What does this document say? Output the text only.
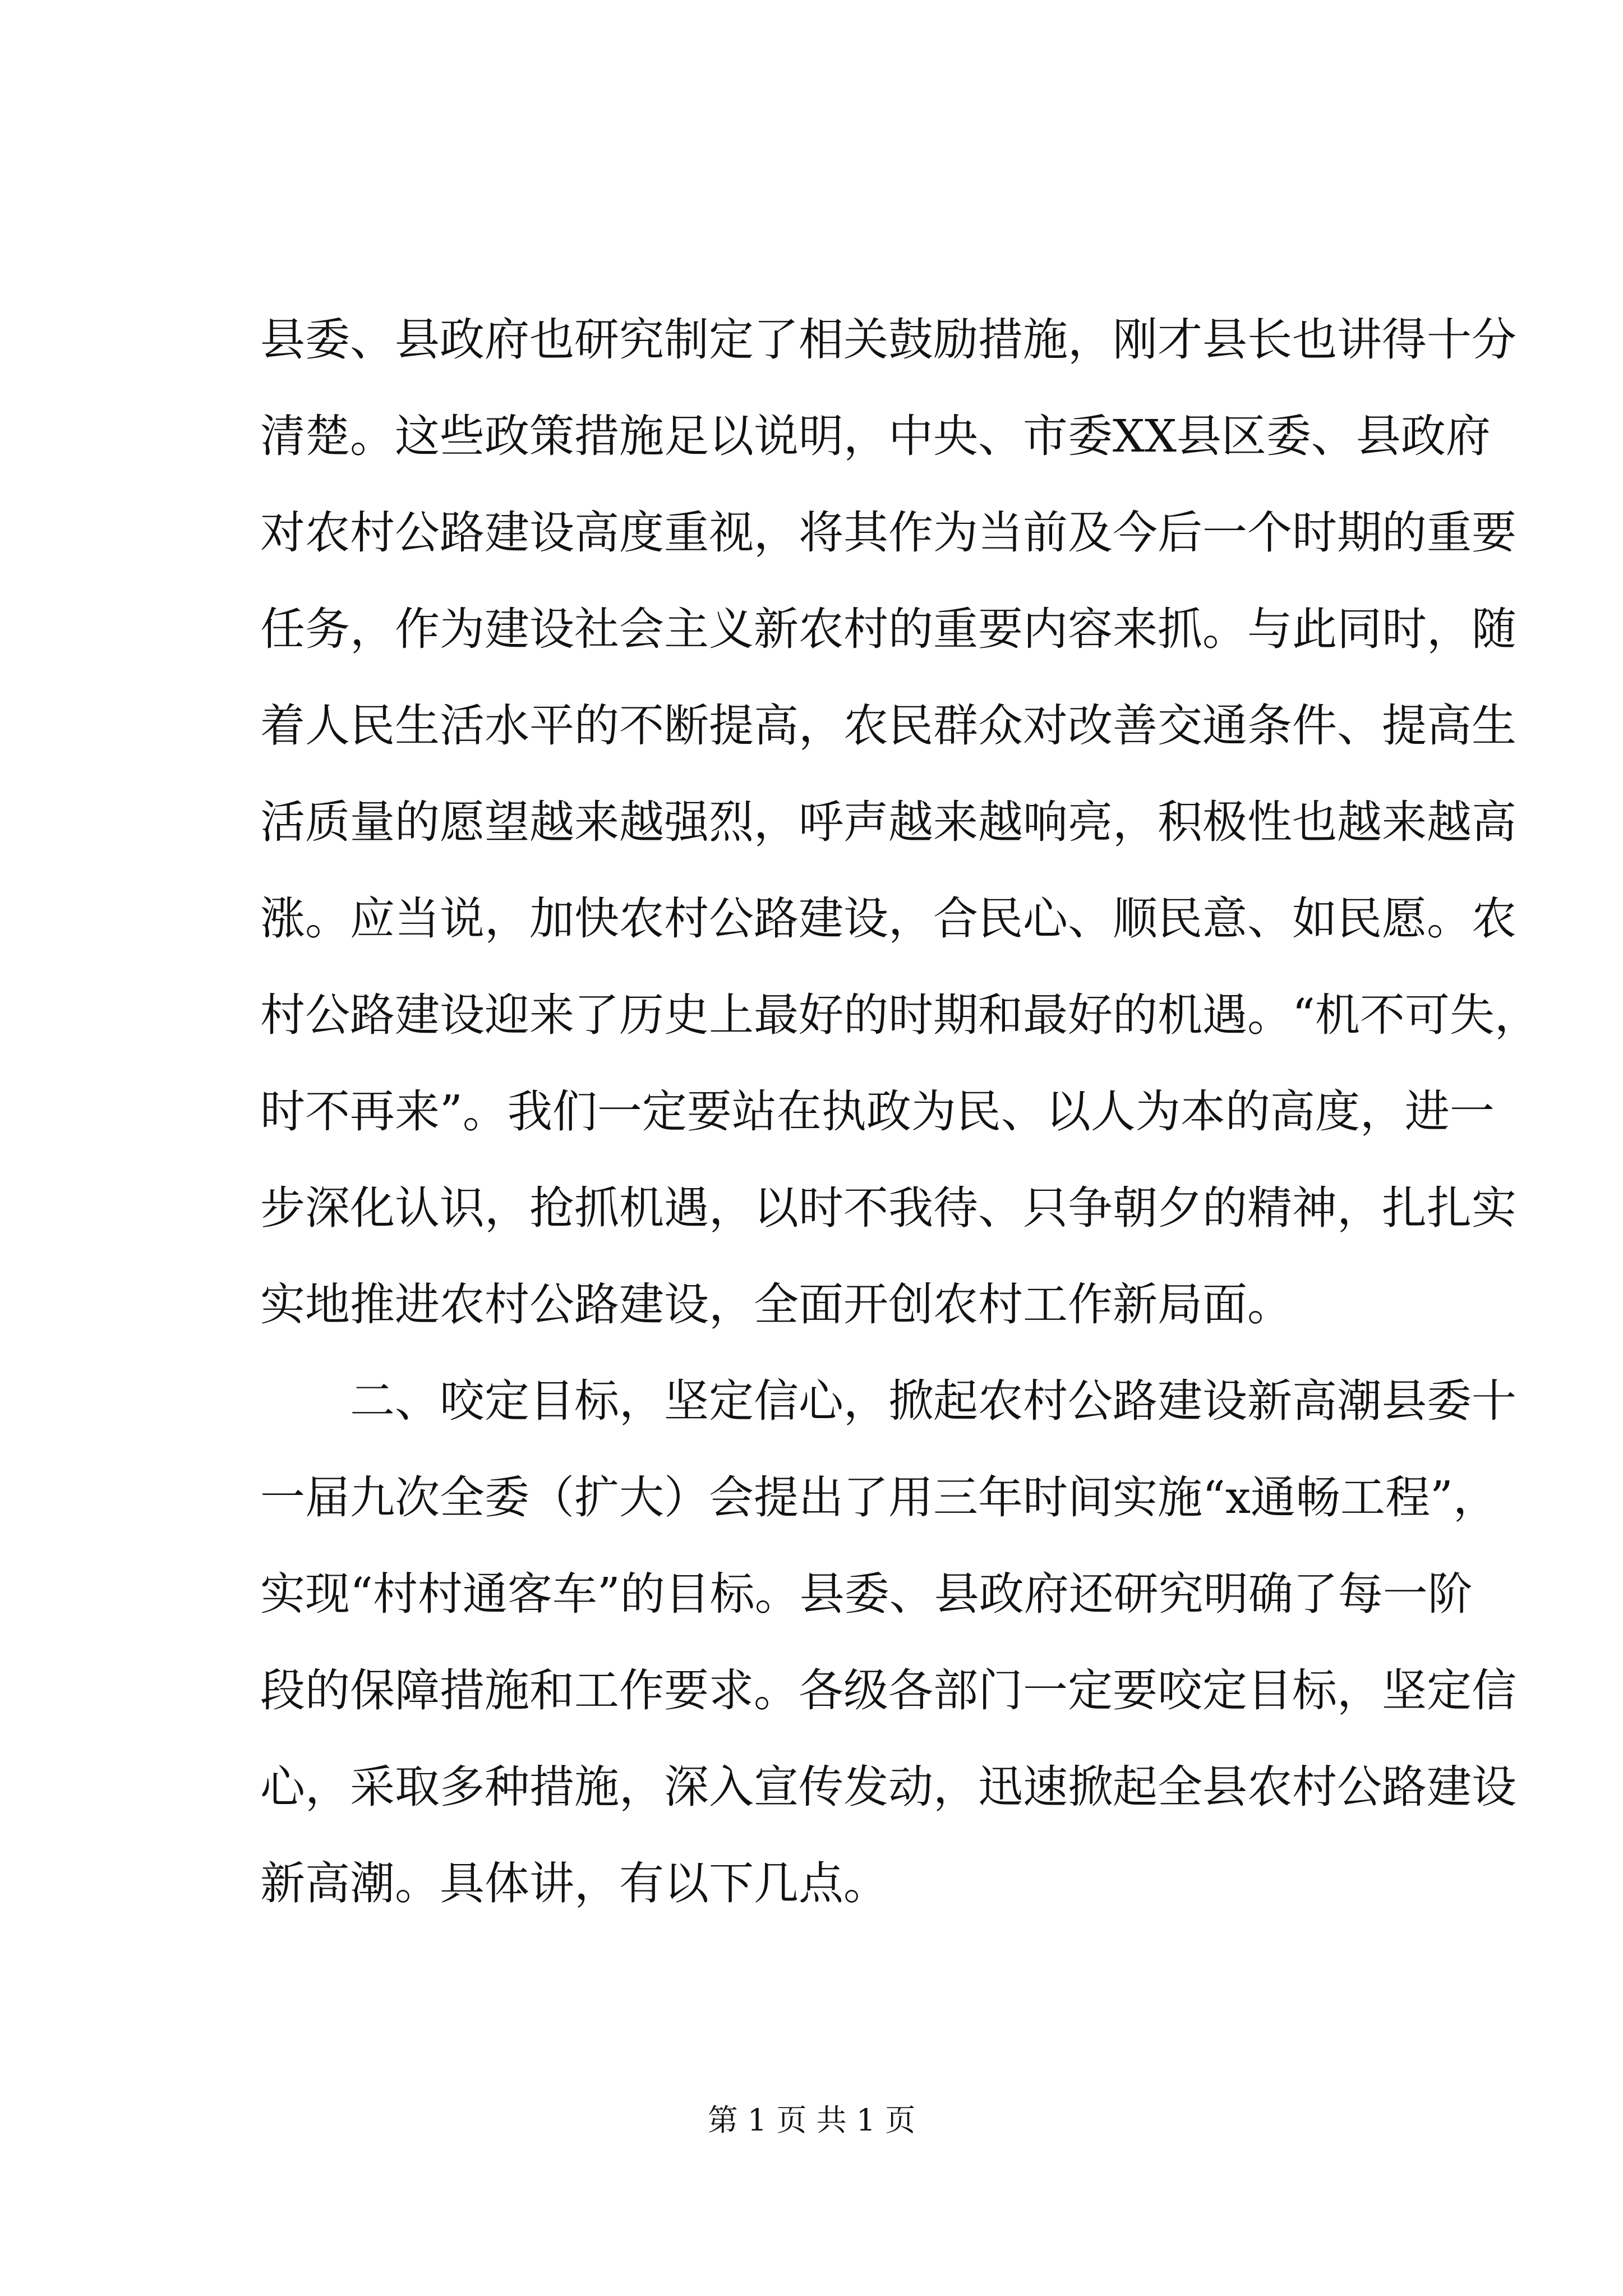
县委、县政府也研究制定了相关鼓励措施，刚才县长也讲得十分
清楚。这些政策措施足以说明，中央、市委XX县区委、县政府
对农村公路建设高度重视，将其作为当前及今后一个时期的重要
任务，作为建设社会主义新农村的重要内容来抓。与此同时，随
着人民生活水平的不断提高，农民群众对改善交通条件、提高生
活质量的愿望越来越强烈，呼声越来越响亮，积极性也越来越高
涨。应当说，加快农村公路建设，合民心、顺民意、如民愿。农
村公路建设迎来了历史上最好的时期和最好的机遇。“机不可失，
时不再来”。我们一定要站在执政为民、以人为本的高度，进一
步深化认识，抢抓机遇，以时不我待、只争朝夕的精神，扎扎实
实地推进农村公路建设，全面开创农村工作新局面。
二、咬定目标，坚定信心，掀起农村公路建设新高潮县委十
一届九次全委（扩大）会提出了用三年时间实施“x通畅工程”，
实现“村村通客车”的目标。县委、县政府还研究明确了每一阶
段的保障措施和工作要求。各级各部门一定要咬定目标，坚定信
心，采取多种措施，深入宣传发动，迅速掀起全县农村公路建设
新高潮。具体讲，有以下几点。
第 1 页 共 1 页
